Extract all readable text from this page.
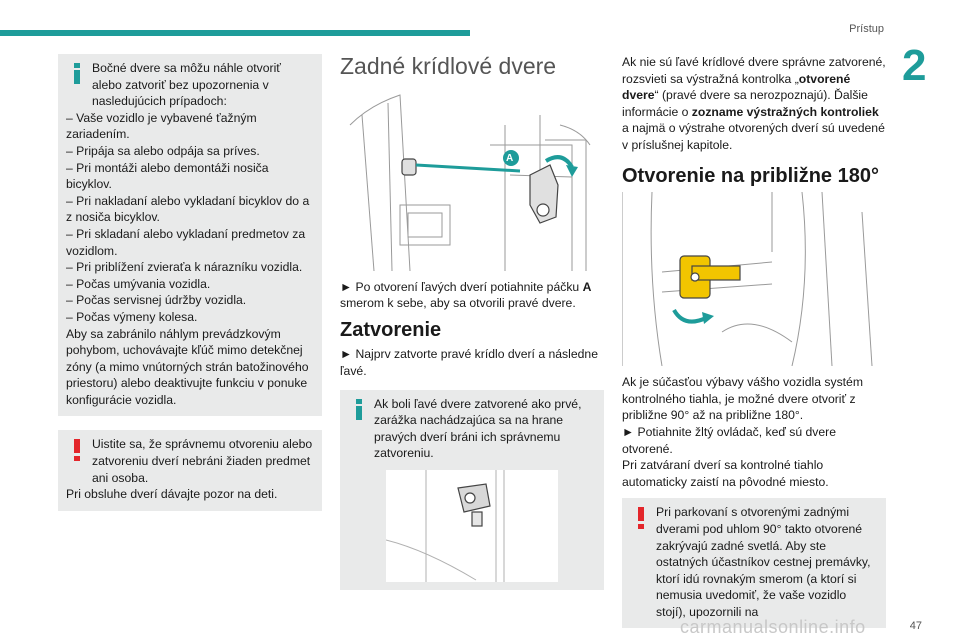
Prístup
2

Bočné dvere sa môžu náhle otvoriť alebo zatvoriť bez upozornenia v nasledujúcich prípadoch:

– Vaše vozidlo je vybavené ťažným zariadením.
– Pripája sa alebo odpája sa príves.
– Pri montáži alebo demontáži nosiča bicyklov.
– Pri nakladaní alebo vykladaní bicyklov do a z nosiča bicyklov.
– Pri skladaní alebo vykladaní predmetov za vozidlom.
– Pri priblížení zvieraťa k nárazníku vozidla.
– Počas umývania vozidla.
– Počas servisnej údržby vozidla.
– Počas výmeny kolesa.
Aby sa zabránilo náhlym prevádzkovým pohybom, uchovávajte kľúč mimo detekčnej zóny (a mimo vnútorných strán batožinového priestoru) alebo deaktivujte funkciu v ponuke konfigurácie vozidla.

Uistite sa, že správnemu otvoreniu alebo zatvoreniu dverí nebráni žiaden predmet ani osoba.

Pri obsluhe dverí dávajte pozor na deti.

Zadné krídlové dvere
A

► Po otvorení ľavých dverí potiahnite páčku A smerom k sebe, aby sa otvorili pravé dvere.

Zatvorenie

► Najprv zatvorte pravé krídlo dverí a následne ľavé.

Ak boli ľavé dvere zatvorené ako prvé, zarážka nachádzajúca sa na hrane pravých dverí bráni ich správnemu zatvoreniu.

Ak nie sú ľavé krídlové dvere správne zatvorené, rozsvieti sa výstražná kontrolka „otvorené dvere“ (pravé dvere sa nerozpoznajú). Ďalšie informácie o zozname výstražných kontroliek a najmä o výstrahe otvorených dverí sú uvedené v príslušnej kapitole.

Otvorenie na približne 180°

Ak je súčasťou výbavy vášho vozidla systém kontrolného tiahla, je možné dvere otvoriť z približne 90° až na približne 180°.

► Potiahnite žltý ovládač, keď sú dvere otvorené.

Pri zatváraní dverí sa kontrolné tiahlo automaticky zaistí na pôvodné miesto.

Pri parkovaní s otvorenými zadnými dverami pod uhlom 90° takto otvorené zakrývajú zadné svetlá. Aby ste ostatných účastníkov cestnej premávky, ktorí idú rovnakým smerom (a ktorí si nemusia uvedomiť, že vaše vozidlo stojí), upozornili na

carmanualsonline.info	47
